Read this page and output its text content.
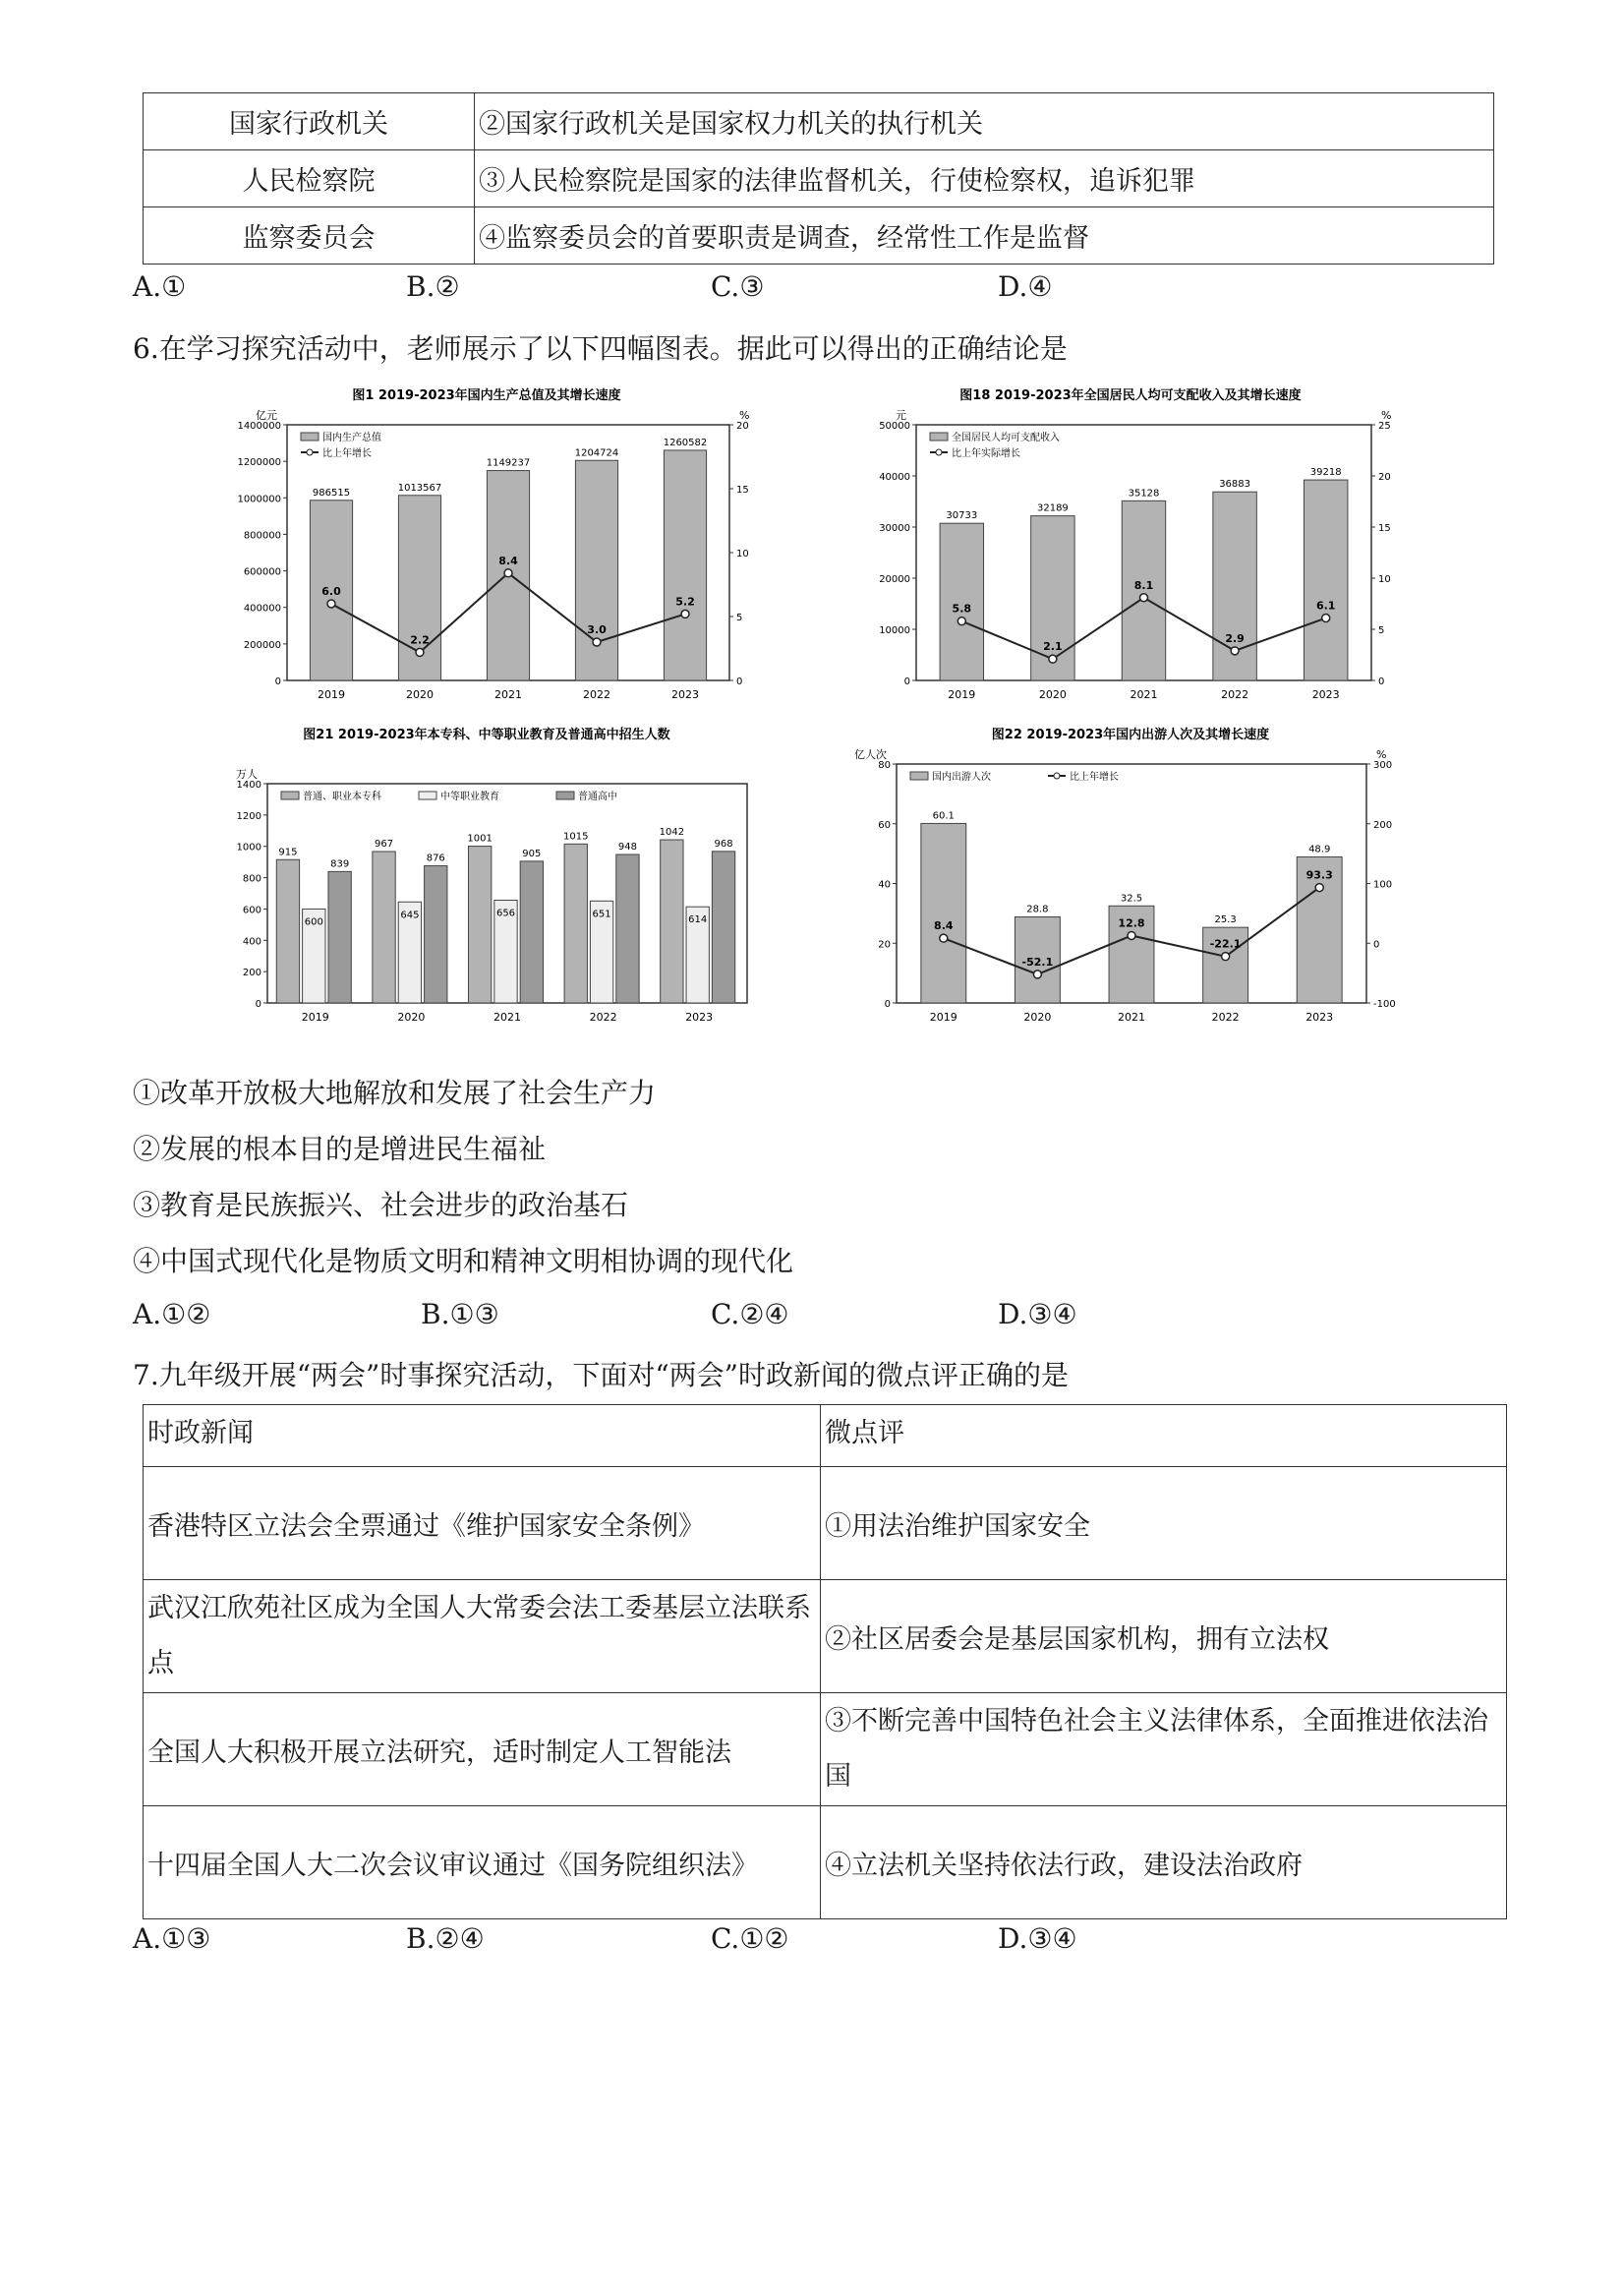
国家行政机关	②国家行政机关是国家权力机关的执行机关
人民检察院	③人民检察院是国家的法律监督机关，行使检察权，追诉犯罪
监察委员会	④监察委员会的首要职责是调查，经常性工作是监督
A.①	B.②	C.③	D.④
6.在学习探究活动中，老师展示了以下四幅图表。据此可以得出的正确结论是
图1 2019-2023年国内生产总值及其增长速度
亿元	%
0
200000
400000
600000
800000
1000000
1200000
1400000
0
5
10
15
20
2019	2020	2021	2022	2023
986515	1013567
1149237
1204724
1260582
6.0
2.2
8.4
3.0
5.2
国内生产总值
比上年增长
图18 2019-2023年全国居民人均可支配收入及其增长速度
元	%
0
10000
20000
30000
40000
50000
0
5
10
15
20
25
2019	2020	2021	2022	2023
30733
32189
35128
36883
39218
5.8
2.1
8.1
2.9
6.1
全国居民人均可支配收入
比上年实际增长
图21 2019-2023年本专科、中等职业教育及普通高中招生人数
万人
0
200
400
600
800
1000
1200
1400
2019	2020	2021	2022	2023
915
967	1001	1015	1042
600
645	656	651
614
839
876	905
948	968
普通、职业本专科	中等职业教育	普通高中
图22 2019-2023年国内出游人次及其增长速度
亿人次	%
0
20
40
60
80
-100
0
100
200
300
2019	2020	2021	2022	2023
60.1
28.8
32.5
25.3
48.9
8.4
-52.1
12.8
-22.1
93.3
国内出游人次	比上年增长
①改革开放极大地解放和发展了社会生产力
②发展的根本目的是增进民生福祉
③教育是民族振兴、社会进步的政治基石
④中国式现代化是物质文明和精神文明相协调的现代化
A.①②	B.①③	C.②④	D.③④
7.九年级开展“两会”时事探究活动，下面对“两会”时政新闻的微点评正确的是
时政新闻	微点评
香港特区立法会全票通过《维护国家安全条例》	①用法治维护国家安全
武汉江欣苑社区成为全国人大常委会法工委基层立法联系点	②社区居委会是基层国家机构，拥有立法权
全国人大积极开展立法研究，适时制定人工智能法	③不断完善中国特色社会主义法律体系，全面推进依法治国
十四届全国人大二次会议审议通过《国务院组织法》	④立法机关坚持依法行政，建设法治政府
A.①③	B.②④	C.①②	D.③④
